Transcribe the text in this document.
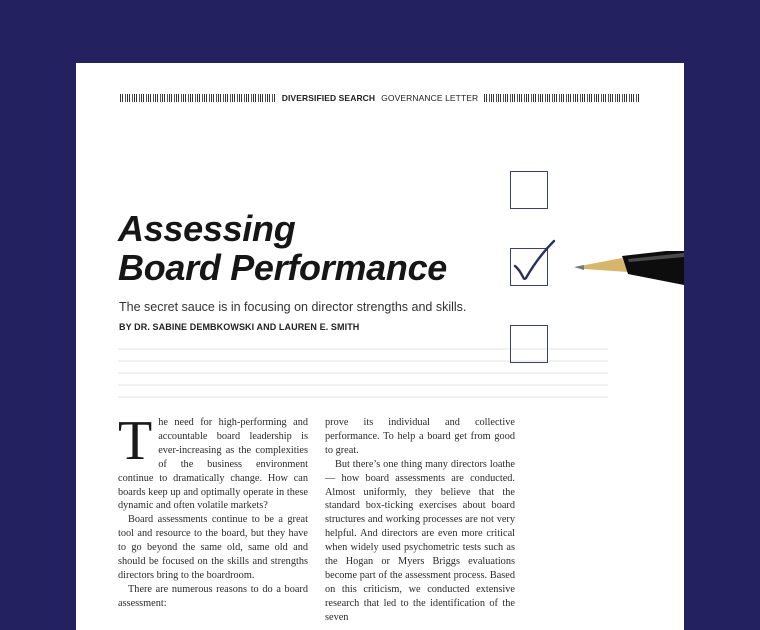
DIVERSIFIED SEARCH GOVERNANCE LETTER
Assessing
Board Performance
The secret sauce is in focusing on director strengths and skills.
BY DR. SABINE DEMBKOWSKI AND LAUREN E. SMITH

T he need for high-performing and accountable board leadership is ever-increasing as the complexities of the business environment continue to dramatically change. How can boards keep up and optimally operate in these dynamic and often volatile markets?

Board assessments continue to be a great tool and resource to the board, but they have to go beyond the same old, same old and should be focused on the skills and strengths directors bring to the boardroom.

There are numerous reasons to do a board assessment:

prove its individual and collective performance. To help a board get from good to great.

But there’s one thing many directors loathe — how board assessments are conducted. Almost uniformly, they believe that the standard box-ticking exercises about board structures and working processes are not very helpful. And directors are even more critical when widely used psychometric tests such as the Hogan or Myers Briggs evaluations become part of the assessment process. Based on this criticism, we conducted extensive research that led to the identification of the seven
